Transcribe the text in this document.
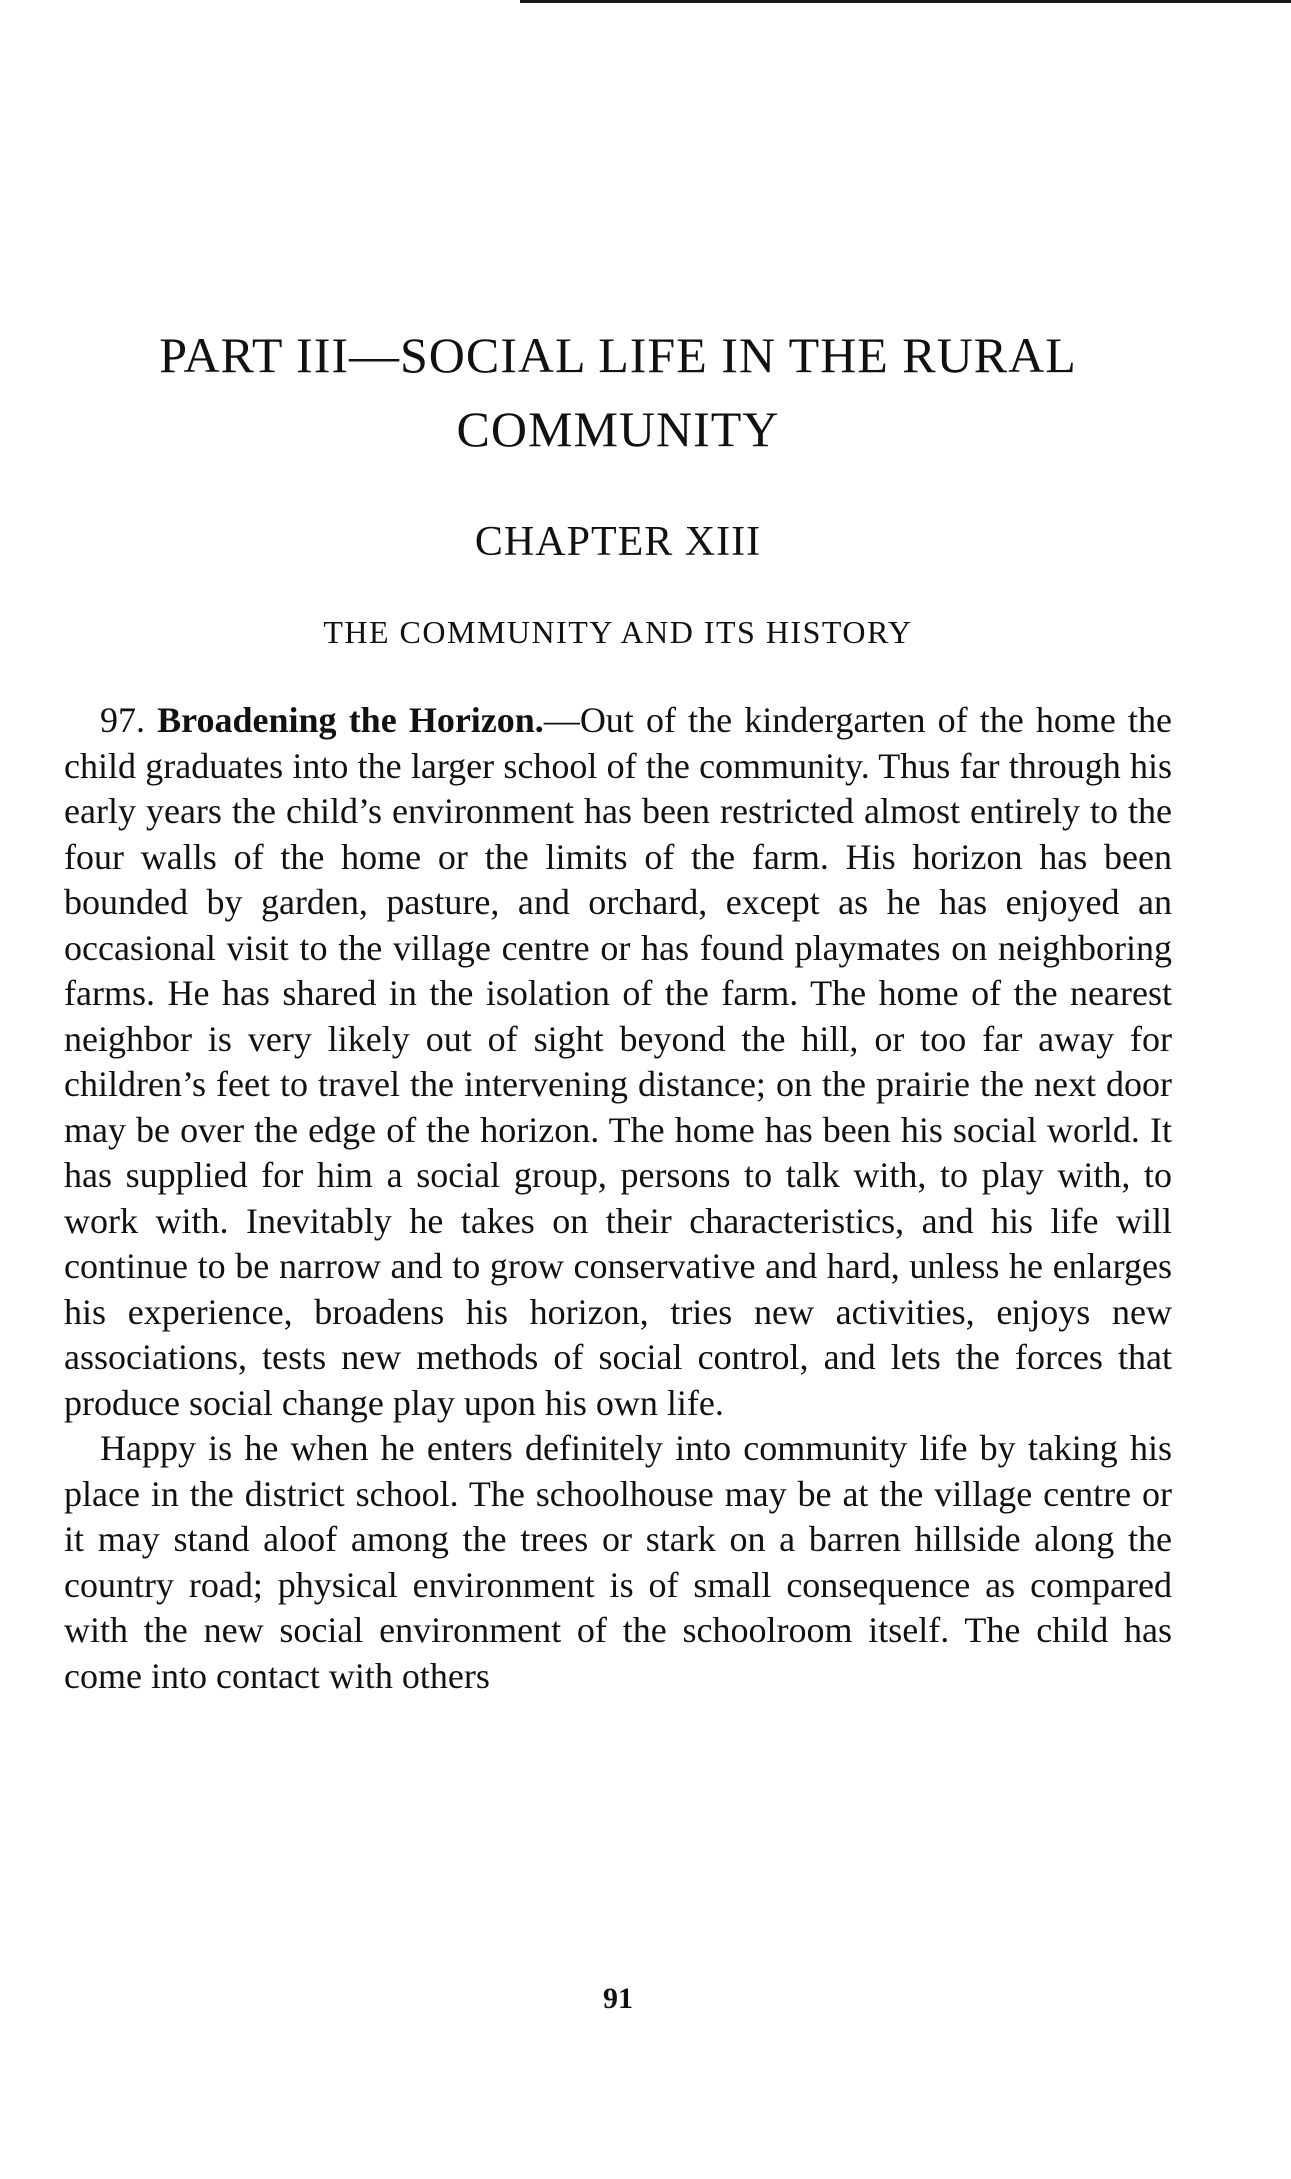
PART III—SOCIAL LIFE IN THE RURAL COMMUNITY
CHAPTER XIII
THE COMMUNITY AND ITS HISTORY

97. Broadening the Horizon.—Out of the kindergarten of the home the child graduates into the larger school of the community. Thus far through his early years the child’s environment has been restricted almost entirely to the four walls of the home or the limits of the farm. His horizon has been bounded by garden, pasture, and orchard, except as he has enjoyed an occasional visit to the village centre or has found playmates on neighboring farms. He has shared in the isolation of the farm. The home of the nearest neighbor is very likely out of sight beyond the hill, or too far away for children’s feet to travel the intervening distance; on the prairie the next door may be over the edge of the horizon. The home has been his social world. It has supplied for him a social group, persons to talk with, to play with, to work with. Inevitably he takes on their characteristics, and his life will continue to be narrow and to grow conservative and hard, unless he enlarges his experience, broadens his horizon, tries new activities, enjoys new associations, tests new methods of social control, and lets the forces that produce social change play upon his own life.

Happy is he when he enters definitely into community life by taking his place in the district school. The schoolhouse may be at the village centre or it may stand aloof among the trees or stark on a barren hillside along the country road; physical environment is of small consequence as compared with the new social environment of the schoolroom itself. The child has come into contact with others

91
